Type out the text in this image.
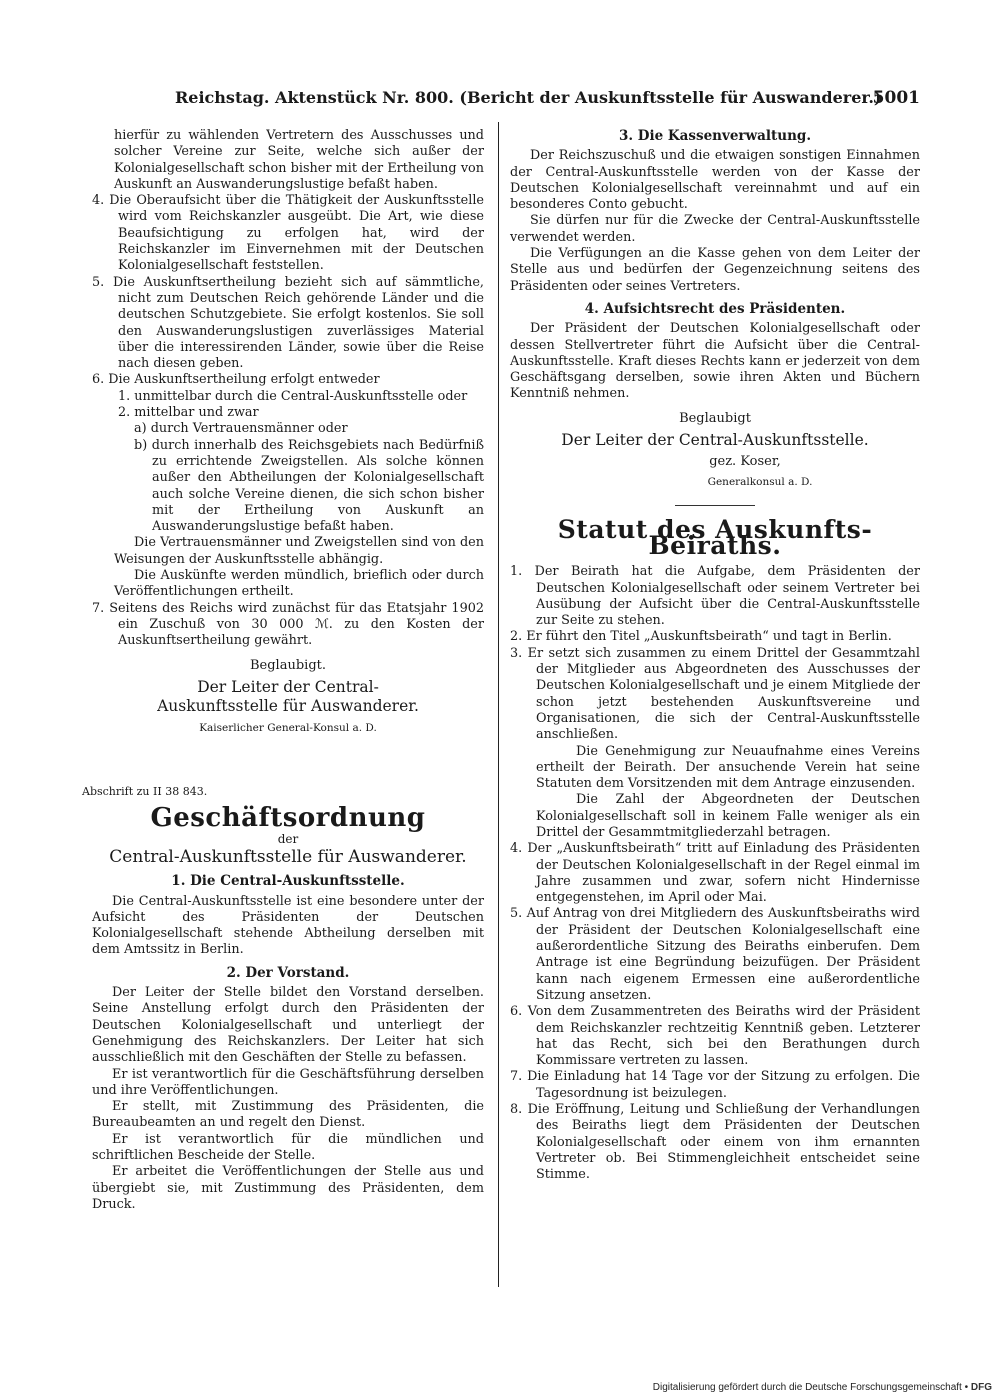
Reichstag. Aktenstück Nr. 800. (Bericht der Auskunftsstelle für Auswanderer.)
5001

hierfür zu wählenden Vertretern des Ausschusses und solcher Vereine zur Seite, welche sich außer der Kolonialgesellschaft schon bisher mit der Ertheilung von Auskunft an Auswanderungslustige befaßt haben.

4. Die Oberaufsicht über die Thätigkeit der Auskunftsstelle wird vom Reichskanzler ausgeübt. Die Art, wie diese Beaufsichtigung zu erfolgen hat, wird der Reichskanzler im Einvernehmen mit der Deutschen Kolonialgesellschaft feststellen.

5. Die Auskunftsertheilung bezieht sich auf sämmtliche, nicht zum Deutschen Reich gehörende Länder und die deutschen Schutzgebiete. Sie erfolgt kostenlos. Sie soll den Auswanderungslustigen zuverlässiges Material über die interessirenden Länder, sowie über die Reise nach diesen geben.

6. Die Auskunftsertheilung erfolgt entweder

1. unmittelbar durch die Central-Auskunftsstelle oder

2. mittelbar und zwar

a) durch Vertrauensmänner oder

b) durch innerhalb des Reichsgebiets nach Bedürfniß zu errichtende Zweigstellen. Als solche können außer den Abtheilungen der Kolonialgesellschaft auch solche Vereine dienen, die sich schon bisher mit der Ertheilung von Auskunft an Auswanderungslustige befaßt haben.

Die Vertrauensmänner und Zweigstellen sind von den Weisungen der Auskunftsstelle abhängig.

Die Auskünfte werden mündlich, brieflich oder durch Veröffentlichungen ertheilt.

7. Seitens des Reichs wird zunächst für das Etatsjahr 1902 ein Zuschuß von 30 000 ℳ. zu den Kosten der Auskunftsertheilung gewährt.

Beglaubigt.

Der Leiter der Central-Auskunftsstelle für Auswanderer.

Kaiserlicher General-Konsul a. D.

Abschrift zu II 38 843.

Geschäftsordnung

der

Central-Auskunftsstelle für Auswanderer.

1. Die Central-Auskunftsstelle.

Die Central-Auskunftsstelle ist eine besondere unter der Aufsicht des Präsidenten der Deutschen Kolonialgesellschaft stehende Abtheilung derselben mit dem Amtssitz in Berlin.

2. Der Vorstand.

Der Leiter der Stelle bildet den Vorstand derselben. Seine Anstellung erfolgt durch den Präsidenten der Deutschen Kolonialgesellschaft und unterliegt der Genehmigung des Reichskanzlers. Der Leiter hat sich ausschließlich mit den Geschäften der Stelle zu befassen.

Er ist verantwortlich für die Geschäftsführung derselben und ihre Veröffentlichungen.

Er stellt, mit Zustimmung des Präsidenten, die Bureaubeamten an und regelt den Dienst.

Er ist verantwortlich für die mündlichen und schriftlichen Bescheide der Stelle.

Er arbeitet die Veröffentlichungen der Stelle aus und übergiebt sie, mit Zustimmung des Präsidenten, dem Druck.

3. Die Kassenverwaltung.

Der Reichszuschuß und die etwaigen sonstigen Einnahmen der Central-Auskunftsstelle werden von der Kasse der Deutschen Kolonialgesellschaft vereinnahmt und auf ein besonderes Conto gebucht.

Sie dürfen nur für die Zwecke der Central-Auskunftsstelle verwendet werden.

Die Verfügungen an die Kasse gehen von dem Leiter der Stelle aus und bedürfen der Gegenzeichnung seitens des Präsidenten oder seines Vertreters.

4. Aufsichtsrecht des Präsidenten.

Der Präsident der Deutschen Kolonialgesellschaft oder dessen Stellvertreter führt die Aufsicht über die Central-Auskunftsstelle. Kraft dieses Rechts kann er jederzeit von dem Geschäftsgang derselben, sowie ihren Akten und Büchern Kenntniß nehmen.

Beglaubigt

Der Leiter der Central-Auskunftsstelle.

gez. Koser,

Generalkonsul a. D.

Statut des Auskunfts-Beiraths.

1. Der Beirath hat die Aufgabe, dem Präsidenten der Deutschen Kolonialgesellschaft oder seinem Vertreter bei Ausübung der Aufsicht über die Central-Auskunftsstelle zur Seite zu stehen.

2. Er führt den Titel „Auskunftsbeirath“ und tagt in Berlin.

3. Er setzt sich zusammen zu einem Drittel der Gesammtzahl der Mitglieder aus Abgeordneten des Ausschusses der Deutschen Kolonialgesellschaft und je einem Mitgliede der schon jetzt bestehenden Auskunftsvereine und Organisationen, die sich der Central-Auskunftsstelle anschließen.

Die Genehmigung zur Neuaufnahme eines Vereins ertheilt der Beirath. Der ansuchende Verein hat seine Statuten dem Vorsitzenden mit dem Antrage einzusenden.

Die Zahl der Abgeordneten der Deutschen Kolonialgesellschaft soll in keinem Falle weniger als ein Drittel der Gesammtmitgliederzahl betragen.

4. Der „Auskunftsbeirath“ tritt auf Einladung des Präsidenten der Deutschen Kolonialgesellschaft in der Regel einmal im Jahre zusammen und zwar, sofern nicht Hindernisse entgegenstehen, im April oder Mai.

5. Auf Antrag von drei Mitgliedern des Auskunftsbeiraths wird der Präsident der Deutschen Kolonialgesellschaft eine außerordentliche Sitzung des Beiraths einberufen. Dem Antrage ist eine Begründung beizufügen. Der Präsident kann nach eigenem Ermessen eine außerordentliche Sitzung ansetzen.

6. Von dem Zusammentreten des Beiraths wird der Präsident dem Reichskanzler rechtzeitig Kenntniß geben. Letzterer hat das Recht, sich bei den Berathungen durch Kommissare vertreten zu lassen.

7. Die Einladung hat 14 Tage vor der Sitzung zu erfolgen. Die Tagesordnung ist beizulegen.

8. Die Eröffnung, Leitung und Schließung der Verhandlungen des Beiraths liegt dem Präsidenten der Deutschen Kolonialgesellschaft oder einem von ihm ernannten Vertreter ob. Bei Stimmengleichheit entscheidet seine Stimme.

Digitalisierung gefördert durch die Deutsche Forschungsgemeinschaft • DFG
